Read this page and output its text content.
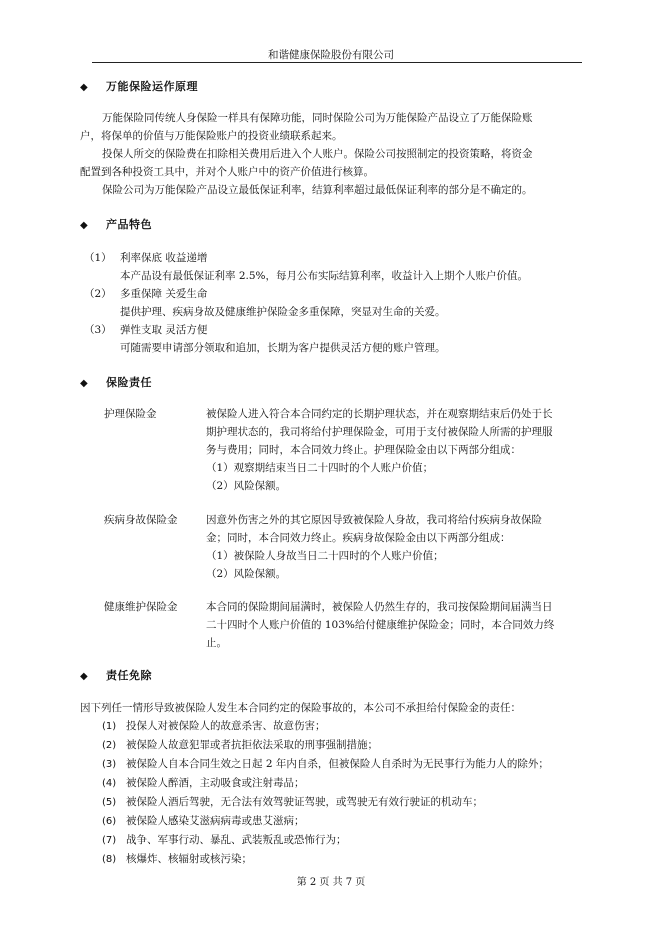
和谐健康保险股份有限公司
◆ 万能保险运作原理
万能保险同传统人身保险一样具有保障功能，同时保险公司为万能保险产品设立了万能保险账
户，将保单的价值与万能保险账户的投资业绩联系起来。
投保人所交的保险费在扣除相关费用后进入个人账户。保险公司按照制定的投资策略，将资金
配置到各种投资工具中，并对个人账户中的资产价值进行核算。
保险公司为万能保险产品设立最低保证利率，结算利率超过最低保证利率的部分是不确定的。
◆ 产品特色
（1） 利率保底 收益递增
本产品设有最低保证利率 2.5%，每月公布实际结算利率，收益计入上期个人账户价值。
（2） 多重保障 关爱生命
提供护理、疾病身故及健康维护保险金多重保障，突显对生命的关爱。
（3） 弹性支取 灵活方便
可随需要申请部分领取和追加，长期为客户提供灵活方便的账户管理。
◆ 保险责任
护理保险金	被保险人进入符合本合同约定的长期护理状态，并在观察期结束后仍处于长
期护理状态的，我司将给付护理保险金，可用于支付被保险人所需的护理服
务与费用；同时，本合同效力终止。护理保险金由以下两部分组成：
（1）观察期结束当日二十四时的个人账户价值；
（2）风险保额。
疾病身故保险金	因意外伤害之外的其它原因导致被保险人身故，我司将给付疾病身故保险
金；同时，本合同效力终止。疾病身故保险金由以下两部分组成：
（1）被保险人身故当日二十四时的个人账户价值；
（2）风险保额。
健康维护保险金	本合同的保险期间届满时，被保险人仍然生存的，我司按保险期间届满当日
二十四时个人账户价值的 103%给付健康维护保险金；同时，本合同效力终
止。
◆ 责任免除
因下列任一情形导致被保险人发生本合同约定的保险事故的，本公司不承担给付保险金的责任：
(1) 投保人对被保险人的故意杀害、故意伤害；
(2) 被保险人故意犯罪或者抗拒依法采取的刑事强制措施；
(3) 被保险人自本合同生效之日起 2 年内自杀，但被保险人自杀时为无民事行为能力人的除外；
(4) 被保险人醉酒，主动吸食或注射毒品；
(5) 被保险人酒后驾驶，无合法有效驾驶证驾驶，或驾驶无有效行驶证的机动车；
(6) 被保险人感染艾滋病病毒或患艾滋病；
(7) 战争、军事行动、暴乱、武装叛乱或恐怖行为；
(8) 核爆炸、核辐射或核污染；
第 2 页 共 7 页
